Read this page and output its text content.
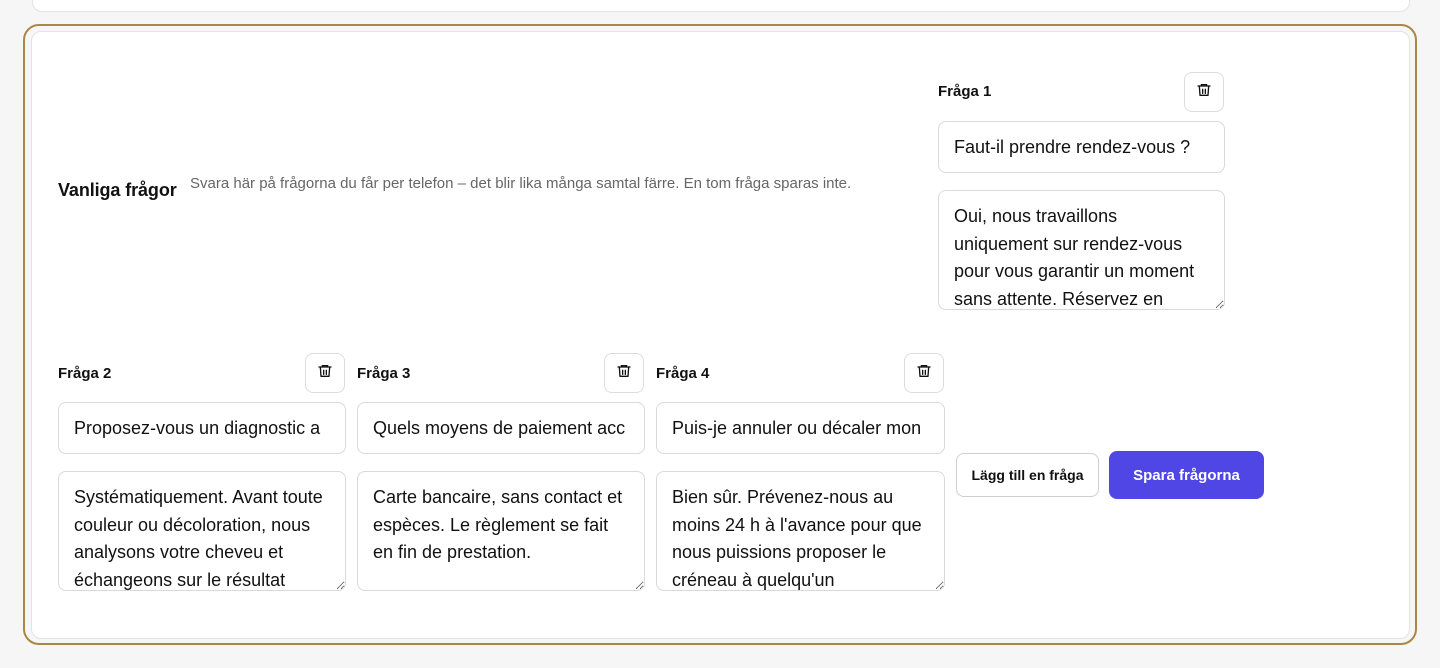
Vanliga frågor Svara här på frågorna du får per telefon – det blir lika många samtal färre. En tom fråga sparas inte.
Fråga 1
Faut-il prendre rendez-vous ?
Oui, nous travaillons uniquement sur rendez-vous pour vous garantir un moment sans attente. Réservez en
Fråga 2
Proposez-vous un diagnostic a
Systématiquement. Avant toute couleur ou décoloration, nous analysons votre cheveu et échangeons sur le résultat	Fråga 3
Quels moyens de paiement acc
Carte bancaire, sans contact et espèces. Le règlement se fait en fin de prestation.	Fråga 4
Puis-je annuler ou décaler mon
Bien sûr. Prévenez-nous au moins 24 h à l'avance pour que nous puissions proposer le créneau à quelqu'un
Lägg till en fråga	Spara frågorna
